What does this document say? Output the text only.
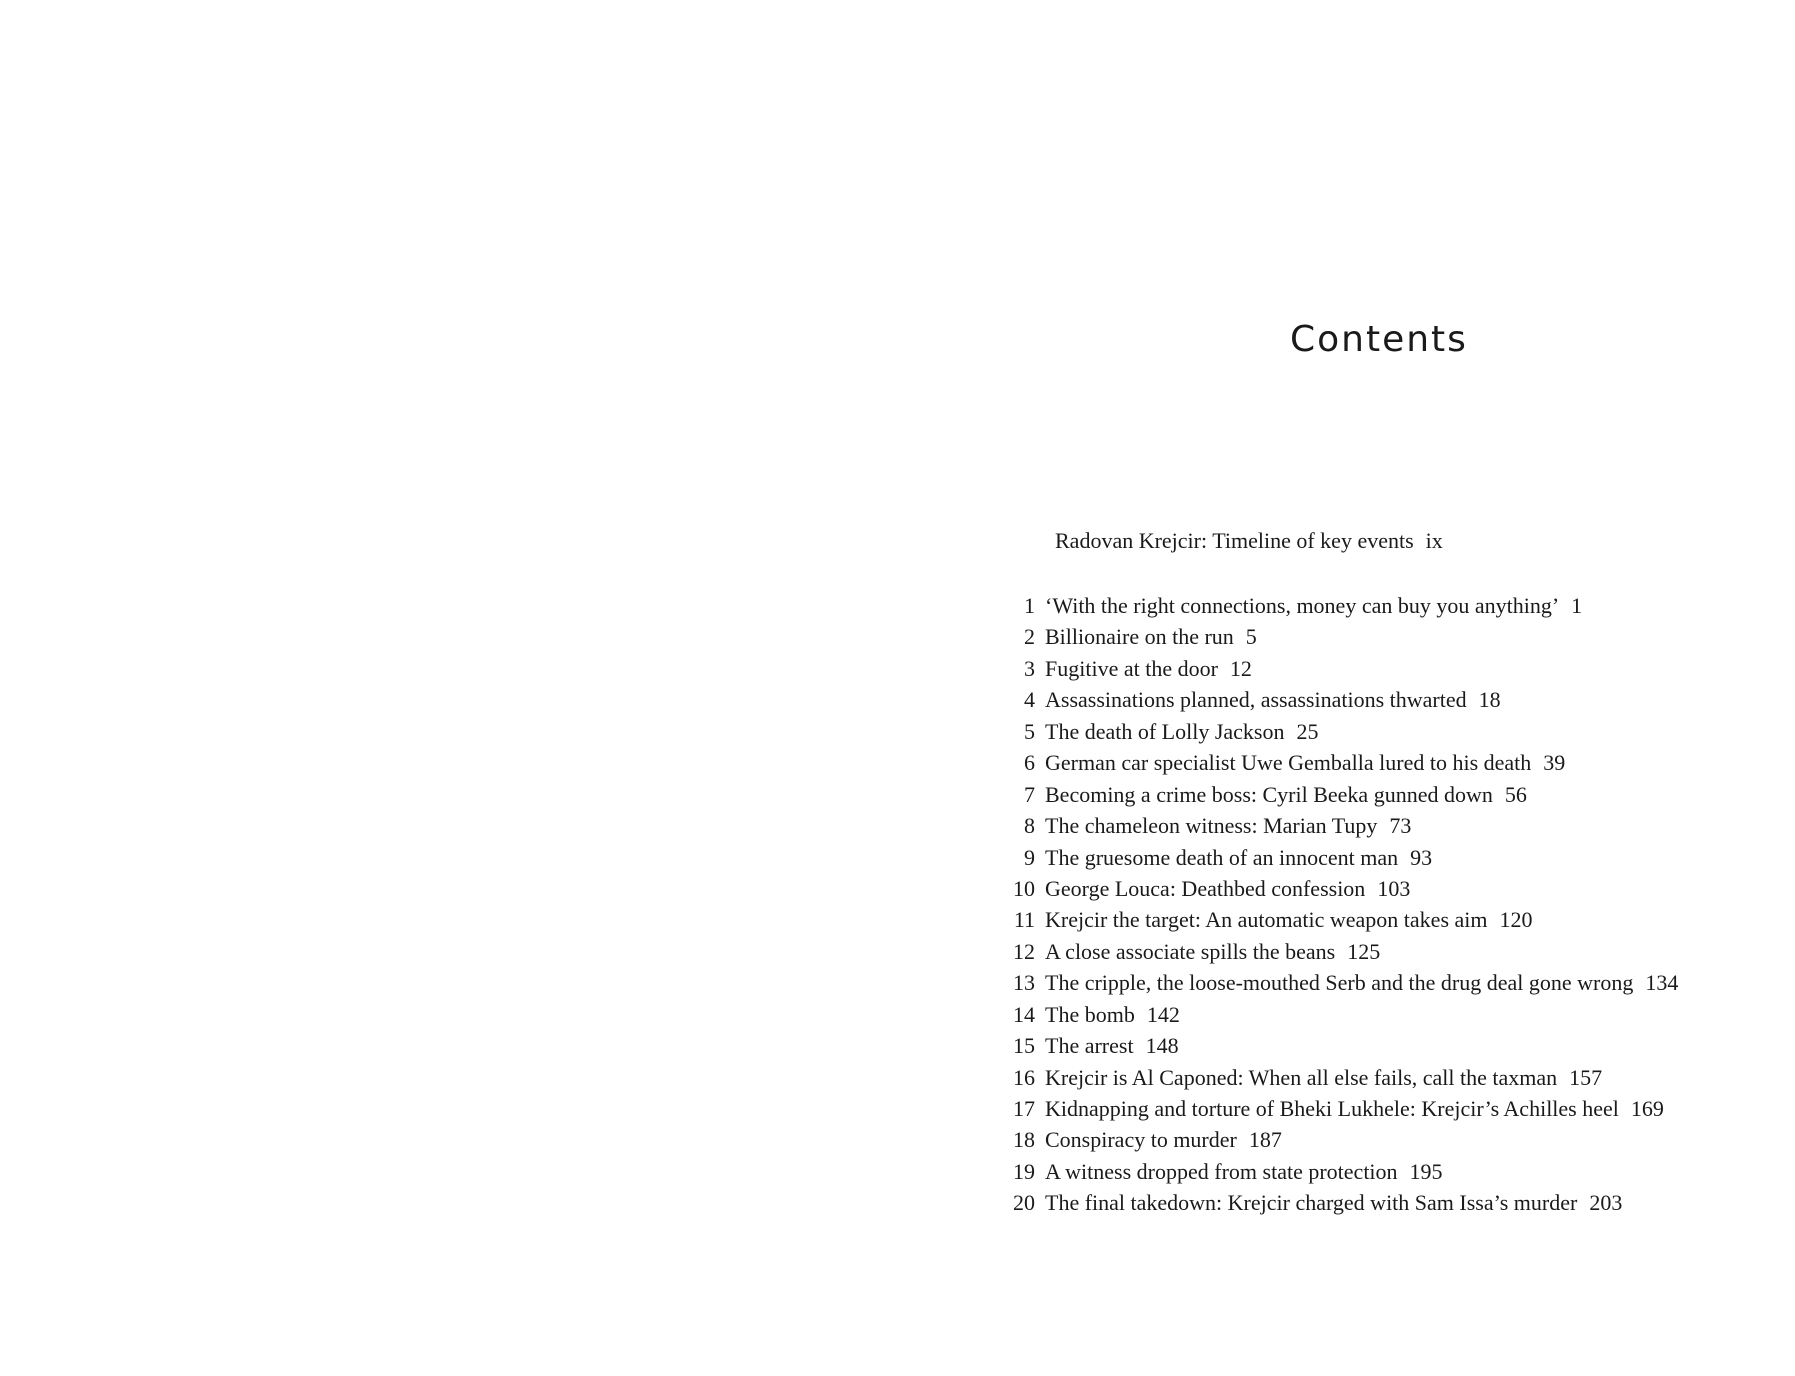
Contents
Radovan Krejcir: Timeline of key events ix
1 ‘With the right connections, money can buy you anything’ 1
2 Billionaire on the run 5
3 Fugitive at the door 12
4 Assassinations planned, assassinations thwarted 18
5 The death of Lolly Jackson 25
6 German car specialist Uwe Gemballa lured to his death 39
7 Becoming a crime boss: Cyril Beeka gunned down 56
8 The chameleon witness: Marian Tupy 73
9 The gruesome death of an innocent man 93
10 George Louca: Deathbed confession 103
11 Krejcir the target: An automatic weapon takes aim 120
12 A close associate spills the beans 125
13 The cripple, the loose-mouthed Serb and the drug deal gone wrong 134
14 The bomb 142
15 The arrest 148
16 Krejcir is Al Caponed: When all else fails, call the taxman 157
17 Kidnapping and torture of Bheki Lukhele: Krejcir’s Achilles heel 169
18 Conspiracy to murder 187
19 A witness dropped from state protection 195
20 The final takedown: Krejcir charged with Sam Issa’s murder 203
